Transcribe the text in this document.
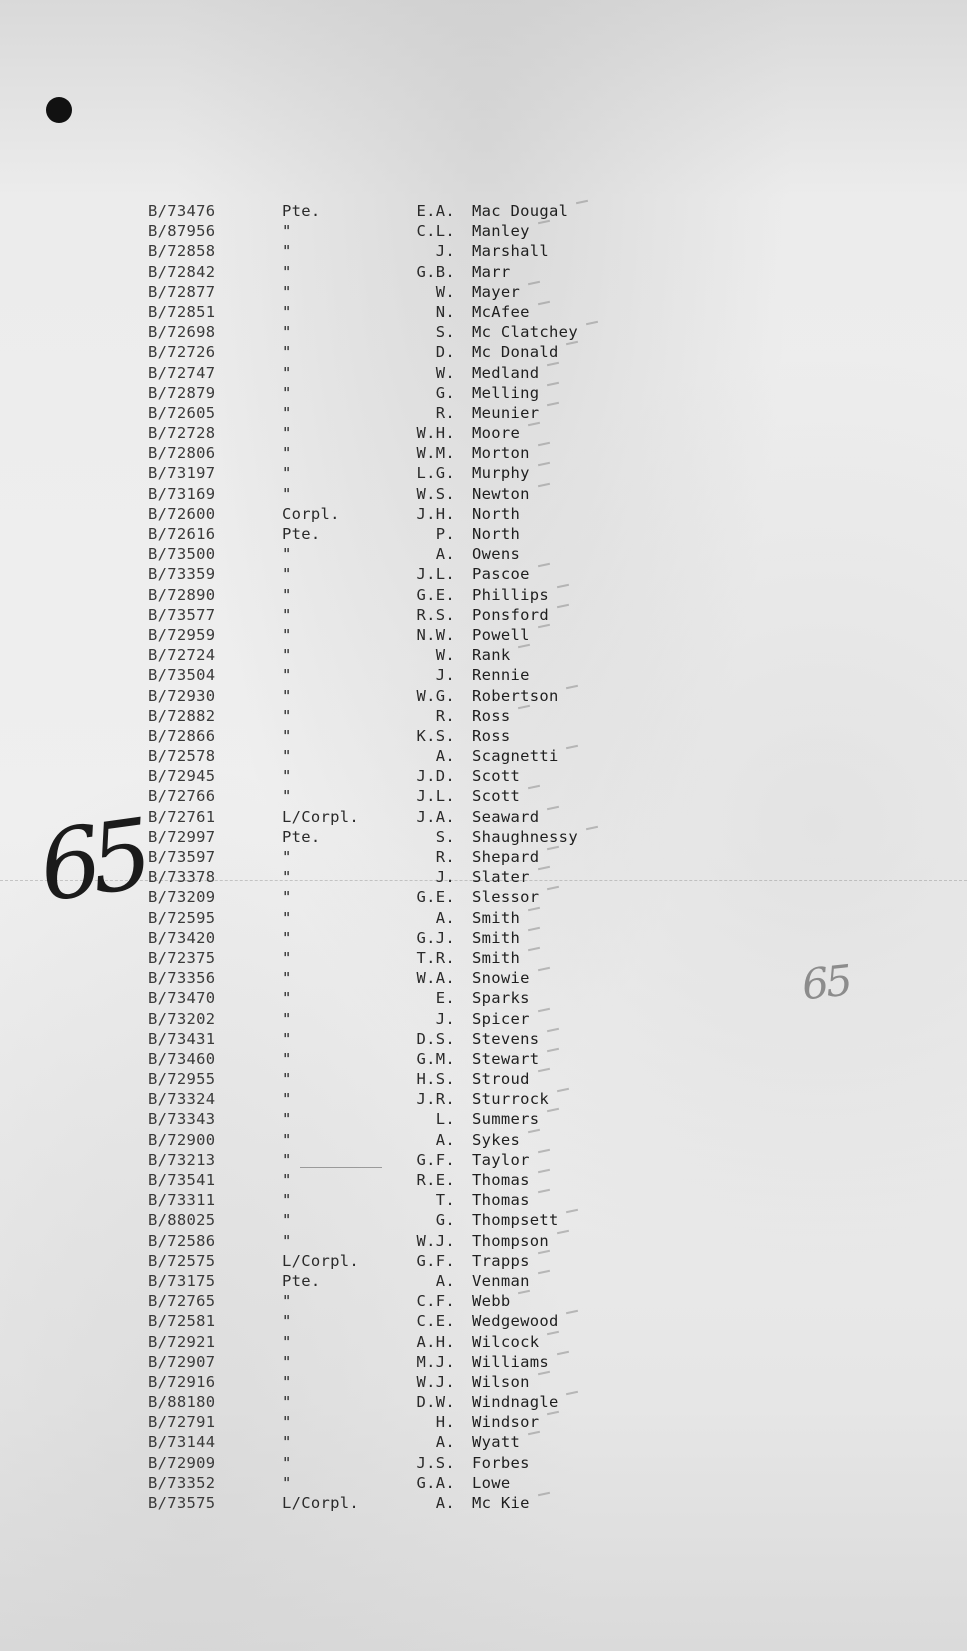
B/73476	Pte.	E.A. Mac Dougal
B/87956	"	C.L. Manley
B/72858	"	J. Marshall
B/72842	"	G.B. Marr
B/72877	"	W. Mayer
B/72851	"	N. McAfee
B/72698	"	S. Mc Clatchey
B/72726	"	D. Mc Donald
B/72747	"	W. Medland
B/72879	"	G. Melling
B/72605	"	R. Meunier
B/72728	"	W.H. Moore
B/72806	"	W.M. Morton
B/73197	"	L.G. Murphy
B/73169	"	W.S. Newton
B/72600	Corpl.	J.H. North
B/72616	Pte.	P. North
B/73500	"	A. Owens
B/73359	"	J.L. Pascoe
B/72890	"	G.E. Phillips
B/73577	"	R.S. Ponsford
B/72959	"	N.W. Powell
B/72724	"	W. Rank
B/73504	"	J. Rennie
B/72930	"	W.G. Robertson
B/72882	"	R. Ross
B/72866	"	K.S. Ross
B/72578	"	A. Scagnetti
B/72945	"	J.D. Scott
B/72766	"	J.L. Scott
B/72761	L/Corpl.	J.A. Seaward
B/72997	Pte.	S. Shaughnessy
B/73597	"	R. Shepard
B/73378	"	J. Slater
B/73209	"	G.E. Slessor
B/72595	"	A. Smith
B/73420	"	G.J. Smith
B/72375	"	T.R. Smith
B/73356	"	W.A. Snowie
B/73470	"	E. Sparks
B/73202	"	J. Spicer
B/73431	"	D.S. Stevens
B/73460	"	G.M. Stewart
B/72955	"	H.S. Stroud
B/73324	"	J.R. Sturrock
B/73343	"	L. Summers
B/72900	"	A. Sykes
B/73213	"	G.F. Taylor
B/73541	"	R.E. Thomas
B/73311	"	T. Thomas
B/88025	"	G. Thompsett
B/72586	"	W.J. Thompson
B/72575	L/Corpl.	G.F. Trapps
B/73175	Pte.	A. Venman
B/72765	"	C.F. Webb
B/72581	"	C.E. Wedgewood
B/72921	"	A.H. Wilcock
B/72907	"	M.J. Williams
B/72916	"	W.J. Wilson
B/88180	"	D.W. Windnagle
B/72791	"	H. Windsor
B/73144	"	A. Wyatt
B/72909	"	J.S. Forbes
B/73352	"	G.A. Lowe
B/73575	L/Corpl.	A. Mc Kie
65
65
